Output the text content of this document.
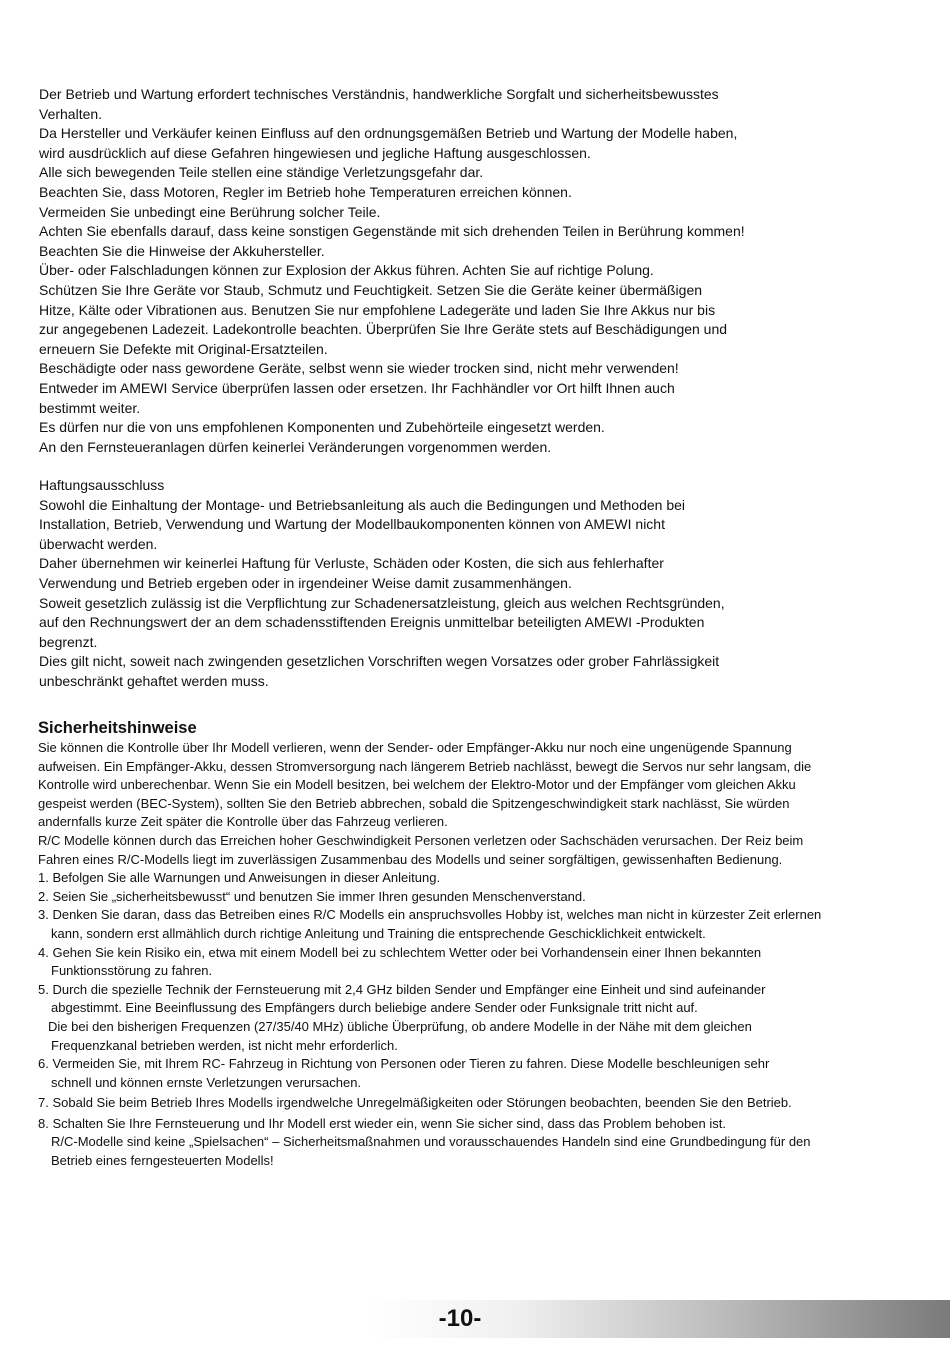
Der Betrieb und Wartung erfordert technisches Verständnis, handwerkliche Sorgfalt und sicherheitsbewusstes
Verhalten.
Da Hersteller und Verkäufer keinen Einfluss auf den ordnungsgemäßen Betrieb und Wartung der Modelle haben,
wird ausdrücklich auf diese Gefahren hingewiesen und jegliche Haftung ausgeschlossen.
Alle sich bewegenden Teile stellen eine ständige Verletzungsgefahr dar.
Beachten Sie, dass Motoren, Regler im Betrieb hohe Temperaturen erreichen können.
Vermeiden Sie unbedingt eine Berührung solcher Teile.
Achten Sie ebenfalls darauf, dass keine sonstigen Gegenstände mit sich drehenden Teilen in Berührung kommen!
Beachten Sie die Hinweise der Akkuhersteller.
Über- oder Falschladungen können zur Explosion der Akkus führen. Achten Sie auf richtige Polung.
Schützen Sie Ihre Geräte vor Staub, Schmutz und Feuchtigkeit. Setzen Sie die Geräte keiner übermäßigen
Hitze, Kälte oder Vibrationen aus. Benutzen Sie nur empfohlene Ladegeräte und laden Sie Ihre Akkus nur bis
zur angegebenen Ladezeit. Ladekontrolle beachten. Überprüfen Sie Ihre Geräte stets auf Beschädigungen und
erneuern Sie Defekte mit Original-Ersatzteilen.
Beschädigte oder nass gewordene Geräte, selbst wenn sie wieder trocken sind, nicht mehr verwenden!
Entweder im AMEWI Service überprüfen lassen oder ersetzen. Ihr Fachhändler vor Ort hilft Ihnen auch
bestimmt weiter.
Es dürfen nur die von uns empfohlenen Komponenten und Zubehörteile eingesetzt werden.
An den Fernsteueranlagen dürfen keinerlei Veränderungen vorgenommen werden.
Haftungsausschluss
Sowohl die Einhaltung der Montage- und Betriebsanleitung als auch die Bedingungen und Methoden bei
Installation, Betrieb, Verwendung und Wartung der Modellbaukomponenten können von AMEWI nicht
überwacht werden.
Daher übernehmen wir keinerlei Haftung für Verluste, Schäden oder Kosten, die sich aus fehlerhafter
Verwendung und Betrieb ergeben oder in irgendeiner Weise damit zusammenhängen.
Soweit gesetzlich zulässig ist die Verpflichtung zur Schadenersatzleistung, gleich aus welchen Rechtsgründen,
auf den Rechnungswert der an dem schadensstiftenden Ereignis unmittelbar beteiligten AMEWI -Produkten
begrenzt.
Dies gilt nicht, soweit nach zwingenden gesetzlichen Vorschriften wegen Vorsatzes oder grober Fahrlässigkeit
unbeschränkt gehaftet werden muss.
Sicherheitshinweise
Sie können die Kontrolle über Ihr Modell verlieren, wenn der Sender- oder Empfänger-Akku nur noch eine ungenügende Spannung
aufweisen. Ein Empfänger-Akku, dessen Stromversorgung nach längerem Betrieb nachlässt, bewegt die Servos nur sehr langsam, die
Kontrolle wird unberechenbar. Wenn Sie ein Modell besitzen, bei welchem der Elektro-Motor und der Empfänger vom gleichen Akku
gespeist werden (BEC-System), sollten Sie den Betrieb abbrechen, sobald die Spitzengeschwindigkeit stark nachlässt, Sie würden
andernfalls kurze Zeit später die Kontrolle über das Fahrzeug verlieren.
R/C Modelle können durch das Erreichen hoher Geschwindigkeit Personen verletzen oder Sachschäden verursachen. Der Reiz beim
Fahren eines R/C-Modells liegt im zuverlässigen Zusammenbau des Modells und seiner sorgfältigen, gewissenhaften Bedienung.
1. Befolgen Sie alle Warnungen und Anweisungen in dieser Anleitung.
2. Seien Sie „sicherheitsbewusst“ und benutzen Sie immer Ihren gesunden Menschenverstand.
3. Denken Sie daran, dass das Betreiben eines R/C Modells ein anspruchsvolles Hobby ist, welches man nicht in kürzester Zeit erlernen
kann, sondern erst allmählich durch richtige Anleitung und Training die entsprechende Geschicklichkeit entwickelt.
4. Gehen Sie kein Risiko ein, etwa mit einem Modell bei zu schlechtem Wetter oder bei Vorhandensein einer Ihnen bekannten
Funktionsstörung zu fahren.
5. Durch die spezielle Technik der Fernsteuerung mit 2,4 GHz bilden Sender und Empfänger eine Einheit und sind aufeinander
abgestimmt. Eine Beeinflussung des Empfängers durch beliebige andere Sender oder Funksignale tritt nicht auf.
Die bei den bisherigen Frequenzen (27/35/40 MHz) übliche Überprüfung, ob andere Modelle in der Nähe mit dem gleichen
Frequenzkanal betrieben werden, ist nicht mehr erforderlich.
6. Vermeiden Sie, mit Ihrem RC- Fahrzeug in Richtung von Personen oder Tieren zu fahren. Diese Modelle beschleunigen sehr
schnell und können ernste Verletzungen verursachen.
7. Sobald Sie beim Betrieb Ihres Modells irgendwelche Unregelmäßigkeiten oder Störungen beobachten, beenden Sie den Betrieb.
8. Schalten Sie Ihre Fernsteuerung und Ihr Modell erst wieder ein, wenn Sie sicher sind, dass das Problem behoben ist.
R/C-Modelle sind keine „Spielsachen“ – Sicherheitsmaßnahmen und vorausschauendes Handeln sind eine Grundbedingung für den
Betrieb eines ferngesteuerten Modells!
-10-
